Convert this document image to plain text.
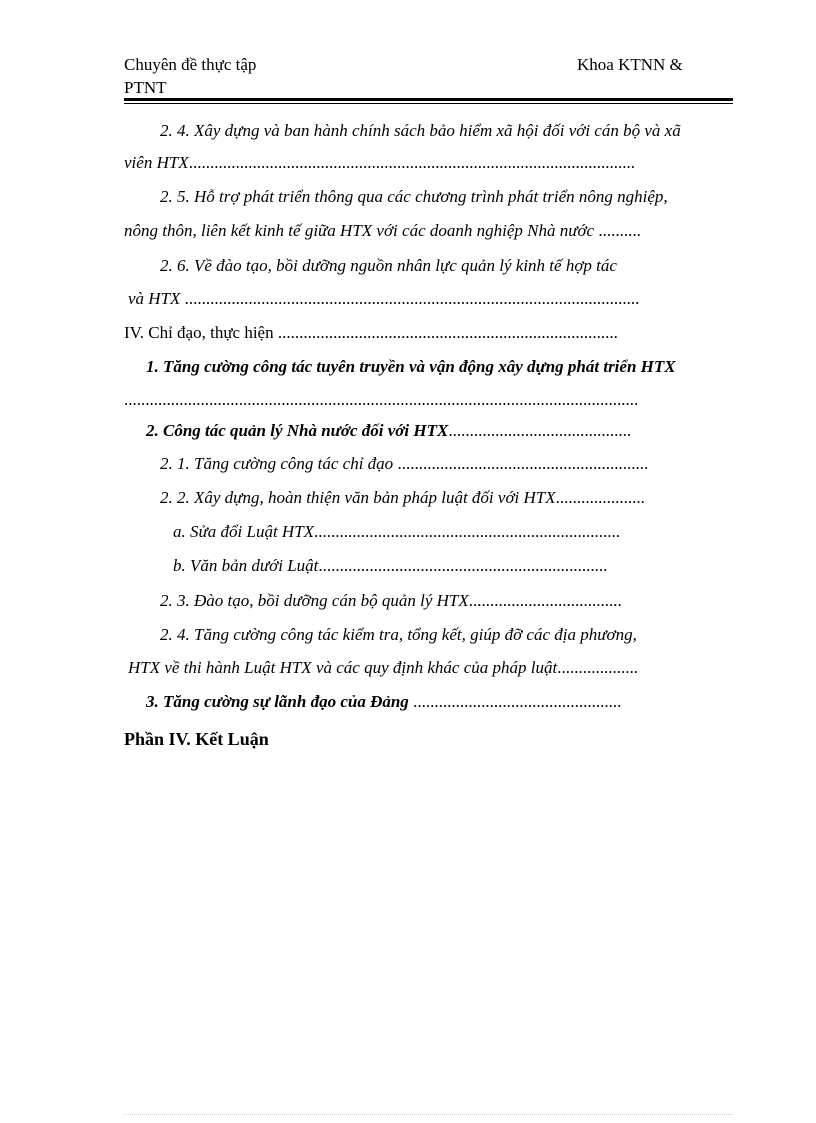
Chuyên đề thực tập
PTNT
Khoa KTNN &
2. 4. Xây dựng và ban hành chính sách bảo hiểm xã hội đối với cán bộ và xã
viên HTX.........................................................................................................
2. 5. Hỗ trợ phát triển thông qua các chương trình phát triển nông nghiệp,
nông thôn, liên kết kinh tế giữa HTX với các doanh nghiệp Nhà nước ..........
2. 6. Về đào tạo, bồi dưỡng nguồn nhân lực quản lý kinh tế hợp tác
và HTX ...........................................................................................................
IV. Chỉ đạo, thực hiện ................................................................................
1. Tăng cường công tác tuyên truyền và vận động xây dựng phát triển HTX
.........................................................................................................................
2. Công tác quản lý Nhà nước đối với HTX...........................................
2. 1. Tăng cường công tác chỉ đạo ...........................................................
2. 2. Xây dựng, hoàn thiện văn bản pháp luật đối với HTX.....................
a. Sửa đổi Luật HTX........................................................................
b. Văn bản dưới Luật....................................................................
2. 3. Đào tạo, bồi dưỡng cán bộ quản lý HTX....................................
2. 4. Tăng cường công tác kiểm tra, tổng kết, giúp đỡ các địa phương,
HTX về thi hành Luật HTX và các quy định khác của pháp luật...................
3. Tăng cường sự lãnh đạo của Đảng .................................................
Phần IV. Kết Luận
